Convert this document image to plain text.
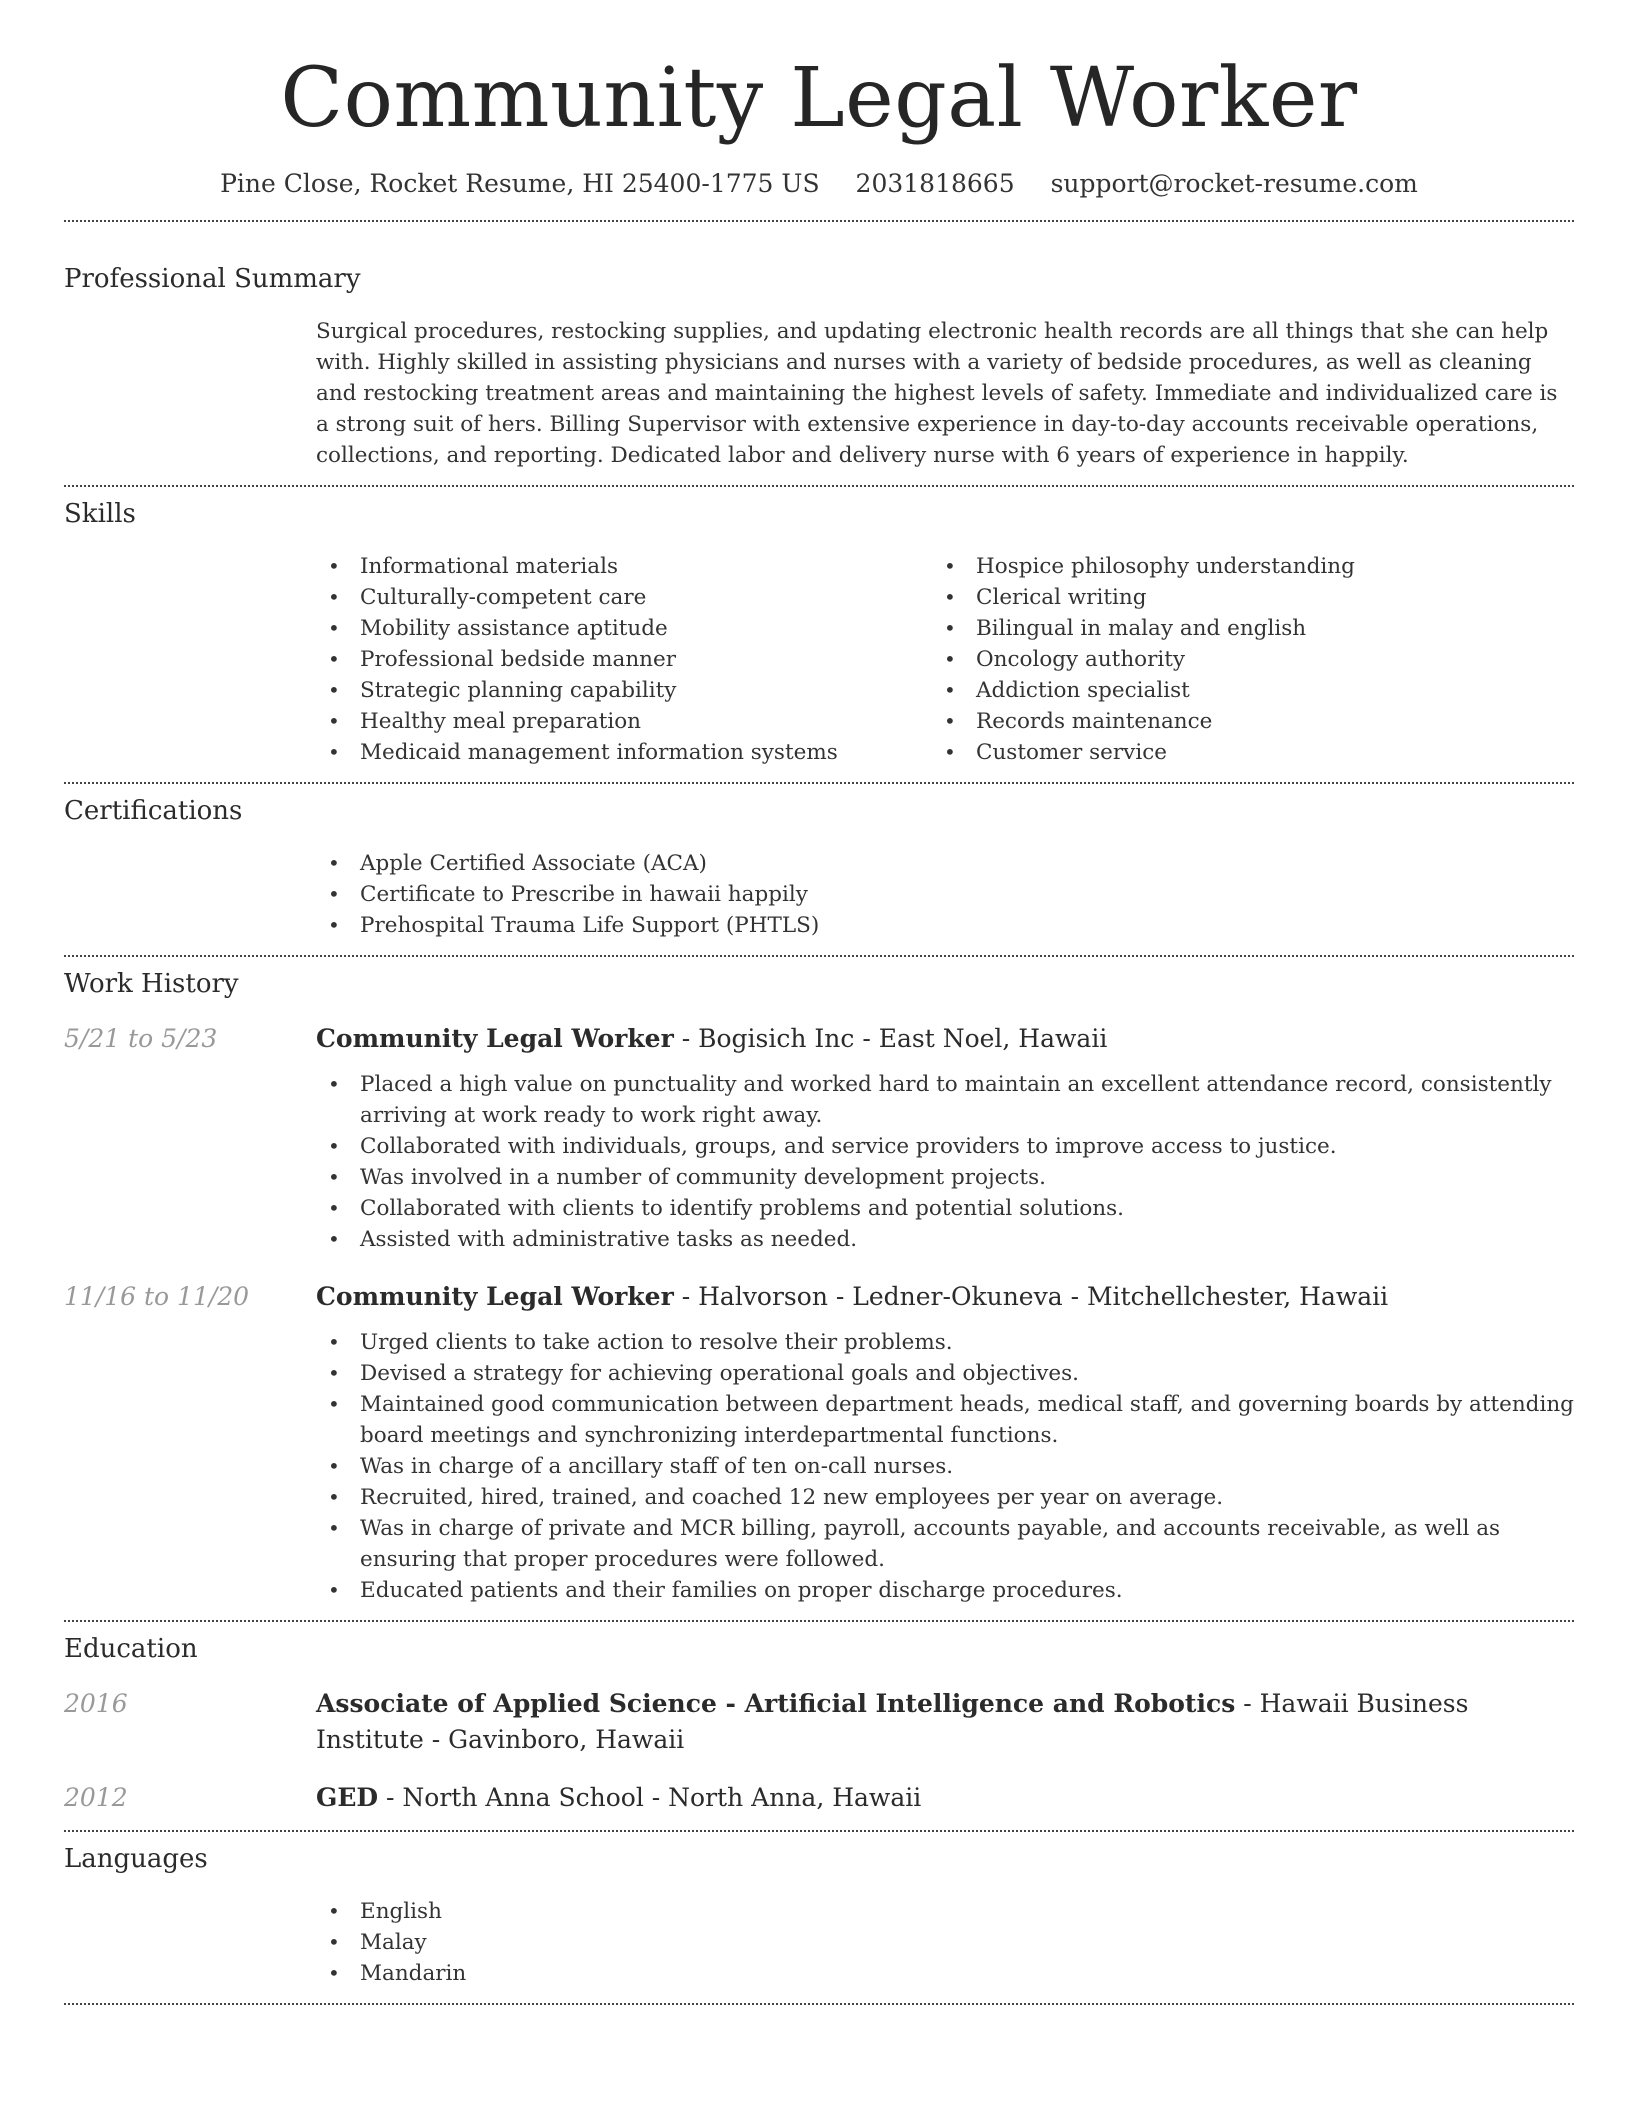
Community Legal Worker
Pine Close, Rocket Resume, HI 25400-1775 US 2031818665 support@rocket-resume.com
Professional Summary

Surgical procedures, restocking supplies, and updating electronic health records are all things that she can help with. Highly skilled in assisting physicians and nurses with a variety of bedside procedures, as well as cleaning and restocking treatment areas and maintaining the highest levels of safety. Immediate and individualized care is a strong suit of hers. Billing Supervisor with extensive experience in day-to-day accounts receivable operations, collections, and reporting. Dedicated labor and delivery nurse with 6 years of experience in happily.

Skills
• Informational materials
• Culturally-competent care
• Mobility assistance aptitude
• Professional bedside manner
• Strategic planning capability
• Healthy meal preparation
• Medicaid management information systems
• Hospice philosophy understanding
• Clerical writing
• Bilingual in malay and english
• Oncology authority
• Addiction specialist
• Records maintenance
• Customer service
Certifications
• Apple Certified Associate (ACA)
• Certificate to Prescribe in hawaii happily
• Prehospital Trauma Life Support (PHTLS)
Work History
5/21 to 5/23	Community Legal Worker - Bogisich Inc - East Noel, Hawaii
• Placed a high value on punctuality and worked hard to maintain an excellent attendance record, consistently arriving at work ready to work right away.
• Collaborated with individuals, groups, and service providers to improve access to justice.
• Was involved in a number of community development projects.
• Collaborated with clients to identify problems and potential solutions.
• Assisted with administrative tasks as needed.
11/16 to 11/20	Community Legal Worker - Halvorson - Ledner-Okuneva - Mitchellchester, Hawaii
• Urged clients to take action to resolve their problems.
• Devised a strategy for achieving operational goals and objectives.
• Maintained good communication between department heads, medical staff, and governing boards by attending board meetings and synchronizing interdepartmental functions.
• Was in charge of a ancillary staff of ten on-call nurses.
• Recruited, hired, trained, and coached 12 new employees per year on average.
• Was in charge of private and MCR billing, payroll, accounts payable, and accounts receivable, as well as ensuring that proper procedures were followed.
• Educated patients and their families on proper discharge procedures.
Education
2016	Associate of Applied Science - Artificial Intelligence and Robotics - Hawaii Business Institute - Gavinboro, Hawaii
2012	GED - North Anna School - North Anna, Hawaii
Languages
• English
• Malay
• Mandarin
